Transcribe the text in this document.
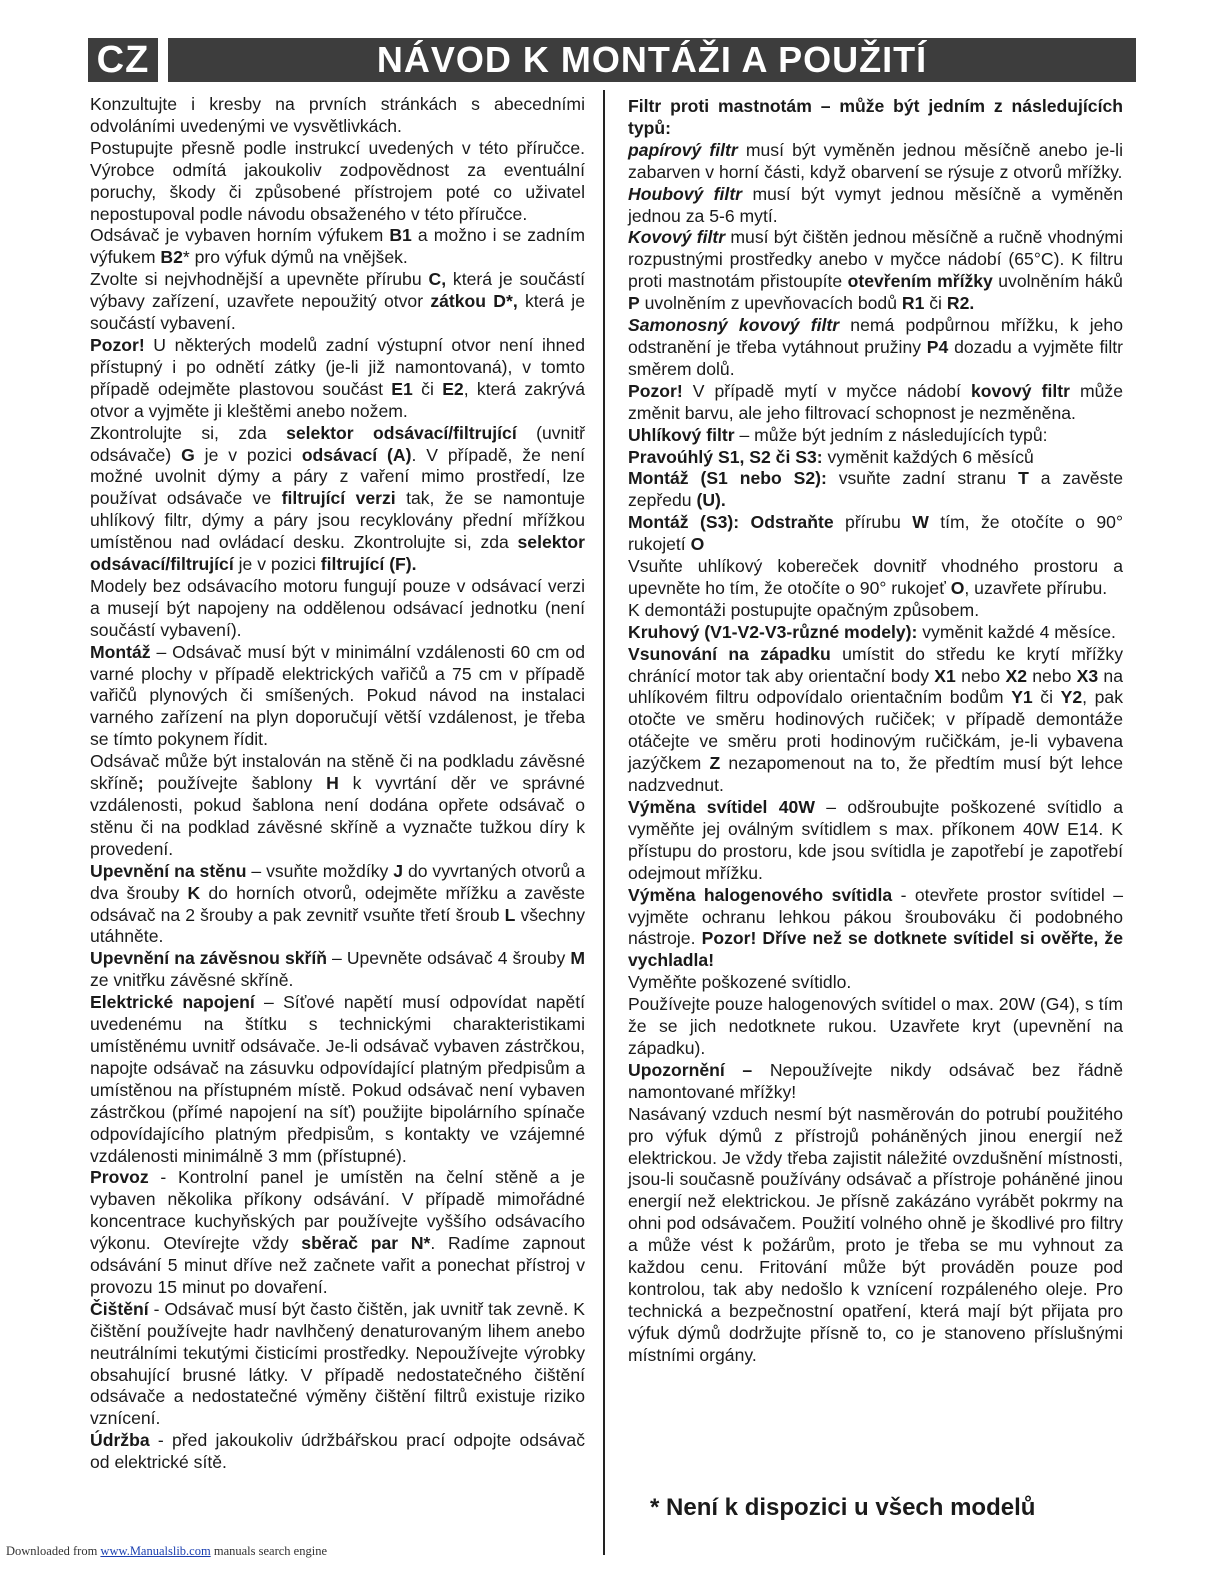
CZ	NÁVOD K MONTÁŽI A POUŽITÍ

Konzultujte i kresby na prvních stránkách s abecedními odvoláními uvedenými ve vysvětlivkách.

Postupujte přesně podle instrukcí uvedených v této příručce. Výrobce odmítá jakoukoliv zodpovědnost za eventuální poruchy, škody či způsobené přístrojem poté co uživatel nepostupoval podle návodu obsaženého v této příručce.

Odsávač je vybaven horním výfukem B1 a možno i se zadním výfukem B2* pro výfuk dýmů na vnějšek.

Zvolte si nejvhodnější a upevněte přírubu C, která je součástí výbavy zařízení, uzavřete nepoužitý otvor zátkou D*, která je součástí vybavení.

Pozor! U některých modelů zadní výstupní otvor není ihned přístupný i po odnětí zátky (je-li již namontovaná), v tomto případě odejměte plastovou součást E1 či E2, která zakrývá otvor a vyjměte ji kleštěmi anebo nožem.

Zkontrolujte si, zda selektor odsávací/filtrující (uvnitř odsávače) G je v pozici odsávací (A). V případě, že není možné uvolnit dýmy a páry z vaření mimo prostředí, lze používat odsávače ve filtrující verzi tak, že se namontuje uhlíkový filtr, dýmy a páry jsou recyklovány přední mřížkou umístěnou nad ovládací desku. Zkontrolujte si, zda selektor odsávací/filtrující je v pozici filtrující (F).

Modely bez odsávacího motoru fungují pouze v odsávací verzi a musejí být napojeny na oddělenou odsávací jednotku (není součástí vybavení).

Montáž – Odsávač musí být v minimální vzdálenosti 60 cm od varné plochy v případě elektrických vařičů a 75 cm v případě vařičů plynových či smíšených. Pokud návod na instalaci varného zařízení na plyn doporučují větší vzdálenost, je třeba se tímto pokynem řídit.

Odsávač může být instalován na stěně či na podkladu závěsné skříně; používejte šablony H k vyvrtání děr ve správné vzdálenosti, pokud šablona není dodána opřete odsávač o stěnu či na podklad závěsné skříně a vyznačte tužkou díry k provedení.

Upevnění na stěnu – vsuňte moždíky J do vyvrtaných otvorů a dva šrouby K do horních otvorů, odejměte mřížku a zavěste odsávač na 2 šrouby a pak zevnitř vsuňte třetí šroub L všechny utáhněte.

Upevnění na závěsnou skříň – Upevněte odsávač 4 šrouby M ze vnitřku závěsné skříně.

Elektrické napojení – Síťové napětí musí odpovídat napětí uvedenému na štítku s technickými charakteristikami umístěnému uvnitř odsávače. Je-li odsávač vybaven zástrčkou, napojte odsávač na zásuvku odpovídající platným předpisům a umístěnou na přístupném místě. Pokud odsávač není vybaven zástrčkou (přímé napojení na síť) použijte bipolárního spínače odpovídajícího platným předpisům, s kontakty ve vzájemné vzdálenosti minimálně 3 mm (přístupné).

Provoz - Kontrolní panel je umístěn na čelní stěně a je vybaven několika příkony odsávání. V případě mimořádné koncentrace kuchyňských par používejte vyššího odsávacího výkonu. Otevírejte vždy sběrač par N*. Radíme zapnout odsávání 5 minut dříve než začnete vařit a ponechat přístroj v provozu 15 minut po dovaření.

Čištění - Odsávač musí být často čištěn, jak uvnitř tak zevně. K čištění používejte hadr navlhčený denaturovaným lihem anebo neutrálními tekutými čisticími prostředky. Nepoužívejte výrobky obsahující brusné látky. V případě nedostatečného čištění odsávače a nedostatečné výměny čištění filtrů existuje riziko vznícení.

Údržba - před jakoukoliv údržbářskou prací odpojte odsávač od elektrické sítě.

Filtr proti mastnotám – může být jedním z následujících typů:

papírový filtr musí být vyměněn jednou měsíčně anebo je-li zabarven v horní části, když obarvení se rýsuje z otvorů mřížky.

Houbový filtr musí být vymyt jednou měsíčně a vyměněn jednou za 5-6 mytí.

Kovový filtr musí být čištěn jednou měsíčně a ručně vhodnými rozpustnými prostředky anebo v myčce nádobí (65°C). K filtru proti mastnotám přistoupíte otevřením mřížky uvolněním háků P uvolněním z upevňovacích bodů R1 či R2.

Samonosný kovový filtr nemá podpůrnou mřížku, k jeho odstranění je třeba vytáhnout pružiny P4 dozadu a vyjměte filtr směrem dolů.

Pozor! V případě mytí v myčce nádobí kovový filtr může změnit barvu, ale jeho filtrovací schopnost je nezměněna.

Uhlíkový filtr – může být jedním z následujících typů:

Pravoúhlý S1, S2 či S3: vyměnit každých 6 měsíců

Montáž (S1 nebo S2): vsuňte zadní stranu T a zavěste zepředu (U).

Montáž (S3): Odstraňte přírubu W tím, že otočíte o 90° rukojetí O

Vsuňte uhlíkový koberec̆ek dovnitř vhodného prostoru a upevněte ho tím, že otočíte o 90° rukojeť O, uzavřete přírubu.

K demontáži postupujte opačným způsobem.

Kruhový (V1-V2-V3-různé modely): vyměnit každé 4 měsíce.

Vsunování na západku umístit do středu ke krytí mřížky chránící motor tak aby orientační body X1 nebo X2 nebo X3 na uhlíkovém filtru odpovídalo orientačním bodům Y1 či Y2, pak otočte ve směru hodinových ručiček; v případě demontáže otáčejte ve směru proti hodinovým ručičkám, je-li vybavena jazýčkem Z nezapomenout na to, že předtím musí být lehce nadzvednut.

Výměna svítidel 40W – odšroubujte poškozené svítidlo a vyměňte jej oválným svítidlem s max. příkonem 40W E14. K přístupu do prostoru, kde jsou svítidla je zapotřebí je zapotřebí odejmout mřížku.

Výměna halogenového svítidla - otevřete prostor svítidel – vyjměte ochranu lehkou pákou šroubováku či podobného nástroje. Pozor! Dříve než se dotknete svítidel si ověřte, že vychladla!

Vyměňte poškozené svítidlo.

Používejte pouze halogenových svítidel o max. 20W (G4), s tím že se jich nedotknete rukou. Uzavřete kryt (upevnění na západku).

Upozornění – Nepoužívejte nikdy odsávač bez řádně namontované mřížky!

Nasávaný vzduch nesmí být nasměrován do potrubí použitého pro výfuk dýmů z přístrojů poháněných jinou energií než elektrickou. Je vždy třeba zajistit náležité ovzdušnění místnosti, jsou-li současně používány odsávač a přístroje poháněné jinou energií než elektrickou. Je přísně zakázáno vyrábět pokrmy na ohni pod odsávačem. Použití volného ohně je škodlivé pro filtry a může vést k požárům, proto je třeba se mu vyhnout za každou cenu. Fritování může být prováděn pouze pod kontrolou, tak aby nedošlo k vznícení rozpáleného oleje. Pro technická a bezpečnostní opatření, která mají být přijata pro výfuk dýmů dodržujte přísně to, co je stanoveno příslušnými místními orgány.

* Není k dispozici u všech modelů
Downloaded from www.Manualslib.com manuals search engine
